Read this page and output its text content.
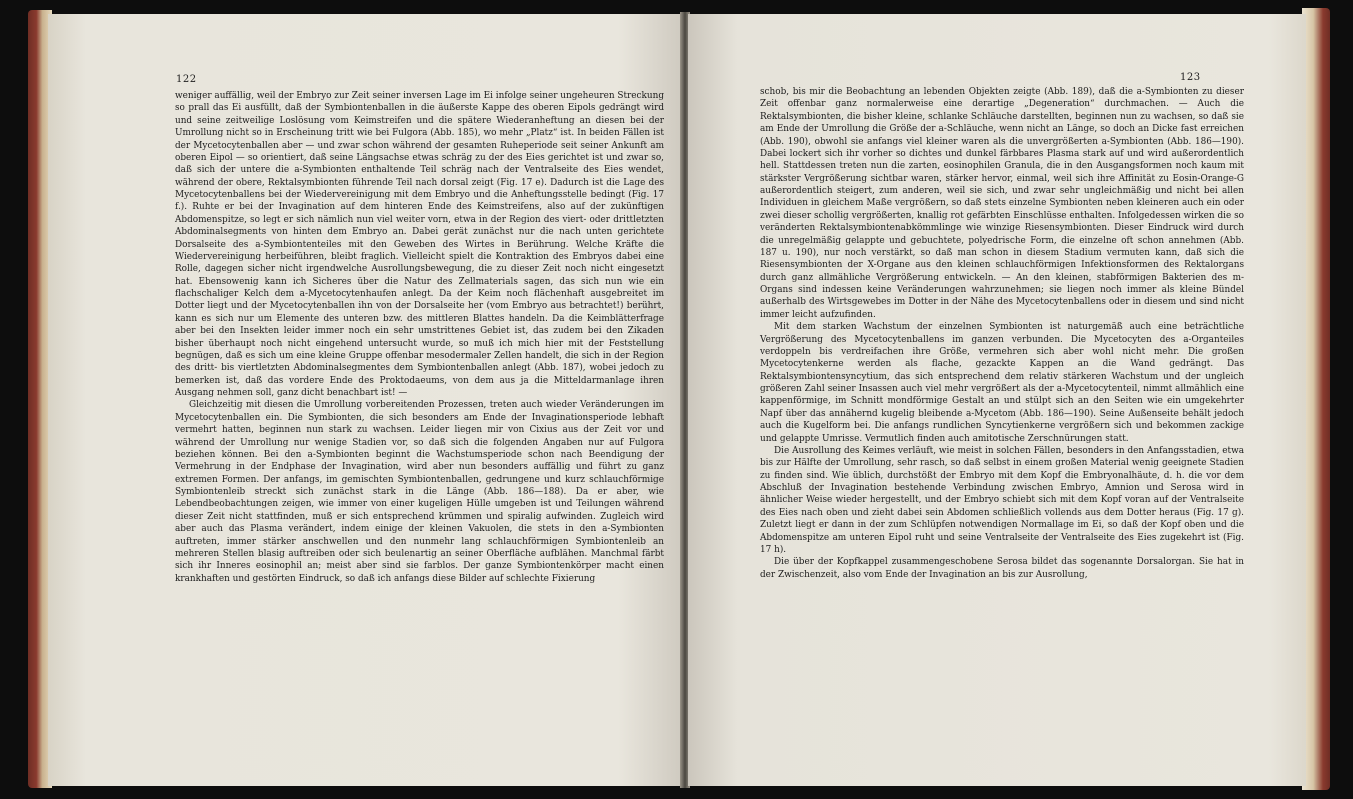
122

weniger auffällig, weil der Embryo zur Zeit seiner inversen Lage im Ei infolge seiner ungeheuren Streckung so prall das Ei ausfüllt, daß der Symbiontenballen in die äußerste Kappe des oberen Eipols gedrängt wird und seine zeitweilige Loslösung vom Keimstreifen und die spätere Wiederanheftung an diesen bei der Umrollung nicht so in Erscheinung tritt wie bei Fulgora (Abb. 185), wo mehr „Platz“ ist. In beiden Fällen ist der Mycetocytenballen aber — und zwar schon während der gesamten Ruheperiode seit seiner Ankunft am oberen Eipol — so orientiert, daß seine Längsachse etwas schräg zu der des Eies gerichtet ist und zwar so, daß sich der untere die a-Symbionten enthaltende Teil schräg nach der Ventralseite des Eies wendet, während der obere, Rektalsymbionten führende Teil nach dorsal zeigt (Fig. 17 e). Dadurch ist die Lage des Mycetocytenballens bei der Wiedervereinigung mit dem Embryo und die Anheftungsstelle bedingt (Fig. 17 f.). Ruhte er bei der Invagination auf dem hinteren Ende des Keimstreifens, also auf der zukünftigen Abdomenspitze, so legt er sich nämlich nun viel weiter vorn, etwa in der Region des viert- oder drittletzten Abdominalsegments von hinten dem Embryo an. Dabei gerät zunächst nur die nach unten gerichtete Dorsalseite des a-Symbiontenteiles mit den Geweben des Wirtes in Berührung. Welche Kräfte die Wiedervereinigung herbeiführen, bleibt fraglich. Vielleicht spielt die Kontraktion des Embryos dabei eine Rolle, dagegen sicher nicht irgendwelche Ausrollungsbewegung, die zu dieser Zeit noch nicht eingesetzt hat. Ebensowenig kann ich Sicheres über die Natur des Zellmaterials sagen, das sich nun wie ein flachschaliger Kelch dem a-Mycetocytenhaufen anlegt. Da der Keim noch flächenhaft ausgebreitet im Dotter liegt und der Mycetocytenballen ihn von der Dorsalseite her (vom Embryo aus betrachtet!) berührt, kann es sich nur um Elemente des unteren bzw. des mittleren Blattes handeln. Da die Keimblätterfrage aber bei den Insekten leider immer noch ein sehr umstrittenes Gebiet ist, das zudem bei den Zikaden bisher überhaupt noch nicht eingehend untersucht wurde, so muß ich mich hier mit der Feststellung begnügen, daß es sich um eine kleine Gruppe offenbar mesodermaler Zellen handelt, die sich in der Region des dritt- bis viertletzten Abdominalsegmentes dem Symbiontenballen anlegt (Abb. 187), wobei jedoch zu bemerken ist, daß das vordere Ende des Proktodaeums, von dem aus ja die Mitteldarmanlage ihren Ausgang nehmen soll, ganz dicht benachbart ist! —

Gleichzeitig mit diesen die Umrollung vorbereitenden Prozessen, treten auch wieder Veränderungen im Mycetocytenballen ein. Die Symbionten, die sich besonders am Ende der Invaginationsperiode lebhaft vermehrt hatten, beginnen nun stark zu wachsen. Leider liegen mir von Cixius aus der Zeit vor und während der Umrollung nur wenige Stadien vor, so daß sich die folgenden Angaben nur auf Fulgora beziehen können. Bei den a-Symbionten beginnt die Wachstumsperiode schon nach Beendigung der Vermehrung in der Endphase der Invagination, wird aber nun besonders auffällig und führt zu ganz extremen Formen. Der anfangs, im gemischten Symbiontenballen, gedrungene und kurz schlauchförmige Symbiontenleib streckt sich zunächst stark in die Länge (Abb. 186—188). Da er aber, wie Lebendbeobachtungen zeigen, wie immer von einer kugeligen Hülle umgeben ist und Teilungen während dieser Zeit nicht stattfinden, muß er sich entsprechend krümmen und spiralig aufwinden. Zugleich wird aber auch das Plasma verändert, indem einige der kleinen Vakuolen, die stets in den a-Symbionten auftreten, immer stärker anschwellen und den nunmehr lang schlauchförmigen Symbiontenleib an mehreren Stellen blasig auftreiben oder sich beulenartig an seiner Oberfläche aufblähen. Manchmal färbt sich ihr Inneres eosinophil an; meist aber sind sie farblos. Der ganze Symbiontenkörper macht einen krankhaften und gestörten Eindruck, so daß ich anfangs diese Bilder auf schlechte Fixierung

123

schob, bis mir die Beobachtung an lebenden Objekten zeigte (Abb. 189), daß die a-Symbionten zu dieser Zeit offenbar ganz normalerweise eine derartige „Degeneration“ durchmachen. — Auch die Rektalsymbionten, die bisher kleine, schlanke Schläuche darstellten, beginnen nun zu wachsen, so daß sie am Ende der Umrollung die Größe der a-Schläuche, wenn nicht an Länge, so doch an Dicke fast erreichen (Abb. 190), obwohl sie anfangs viel kleiner waren als die unvergrößerten a-Symbionten (Abb. 186—190). Dabei lockert sich ihr vorher so dichtes und dunkel färbbares Plasma stark auf und wird außerordentlich hell. Stattdessen treten nun die zarten, eosinophilen Granula, die in den Ausgangsformen noch kaum mit stärkster Vergrößerung sichtbar waren, stärker hervor, einmal, weil sich ihre Affinität zu Eosin-Orange-G außerordentlich steigert, zum anderen, weil sie sich, und zwar sehr ungleichmäßig und nicht bei allen Individuen in gleichem Maße vergrößern, so daß stets einzelne Symbionten neben kleineren auch ein oder zwei dieser schollig vergrößerten, knallig rot gefärbten Einschlüsse enthalten. Infolgedessen wirken die so veränderten Rektalsymbiontenabkömmlinge wie winzige Riesensymbionten. Dieser Eindruck wird durch die unregelmäßig gelappte und gebuchtete, polyedrische Form, die einzelne oft schon annehmen (Abb. 187 u. 190), nur noch verstärkt, so daß man schon in diesem Stadium vermuten kann, daß sich die Riesensymbionten der X-Organe aus den kleinen schlauchförmigen Infektionsformen des Rektalorgans durch ganz allmähliche Vergrößerung entwickeln. — An den kleinen, stabförmigen Bakterien des m-Organs sind indessen keine Veränderungen wahrzunehmen; sie liegen noch immer als kleine Bündel außerhalb des Wirtsgewebes im Dotter in der Nähe des Mycetocytenballens oder in diesem und sind nicht immer leicht aufzufinden.

Mit dem starken Wachstum der einzelnen Symbionten ist naturgemäß auch eine beträchtliche Vergrößerung des Mycetocytenballens im ganzen verbunden. Die Mycetocyten des a-Organteiles verdoppeln bis verdreifachen ihre Größe, vermehren sich aber wohl nicht mehr. Die großen Mycetocytenkerne werden als flache, gezackte Kappen an die Wand gedrängt. Das Rektalsymbiontensyncytium, das sich entsprechend dem relativ stärkeren Wachstum und der ungleich größeren Zahl seiner Insassen auch viel mehr vergrößert als der a-Mycetocytenteil, nimmt allmählich eine kappenförmige, im Schnitt mondförmige Gestalt an und stülpt sich an den Seiten wie ein umgekehrter Napf über das annähernd kugelig bleibende a-Mycetom (Abb. 186—190). Seine Außenseite behält jedoch auch die Kugelform bei. Die anfangs rundlichen Syncytienkerne vergrößern sich und bekommen zackige und gelappte Umrisse. Vermutlich finden auch amitotische Zerschnürungen statt.

Die Ausrollung des Keimes verläuft, wie meist in solchen Fällen, besonders in den Anfangsstadien, etwa bis zur Hälfte der Umrollung, sehr rasch, so daß selbst in einem großen Material wenig geeignete Stadien zu finden sind. Wie üblich, durchstößt der Embryo mit dem Kopf die Embryonalhäute, d. h. die vor dem Abschluß der Invagination bestehende Verbindung zwischen Embryo, Amnion und Serosa wird in ähnlicher Weise wieder hergestellt, und der Embryo schiebt sich mit dem Kopf voran auf der Ventralseite des Eies nach oben und zieht dabei sein Abdomen schließlich vollends aus dem Dotter heraus (Fig. 17 g). Zuletzt liegt er dann in der zum Schlüpfen notwendigen Normallage im Ei, so daß der Kopf oben und die Abdomenspitze am unteren Eipol ruht und seine Ventralseite der Ventralseite des Eies zugekehrt ist (Fig. 17 h).

Die über der Kopfkappel zusammengeschobene Serosa bildet das sogenannte Dorsalorgan. Sie hat in der Zwischenzeit, also vom Ende der Invagination an bis zur Ausrollung,
